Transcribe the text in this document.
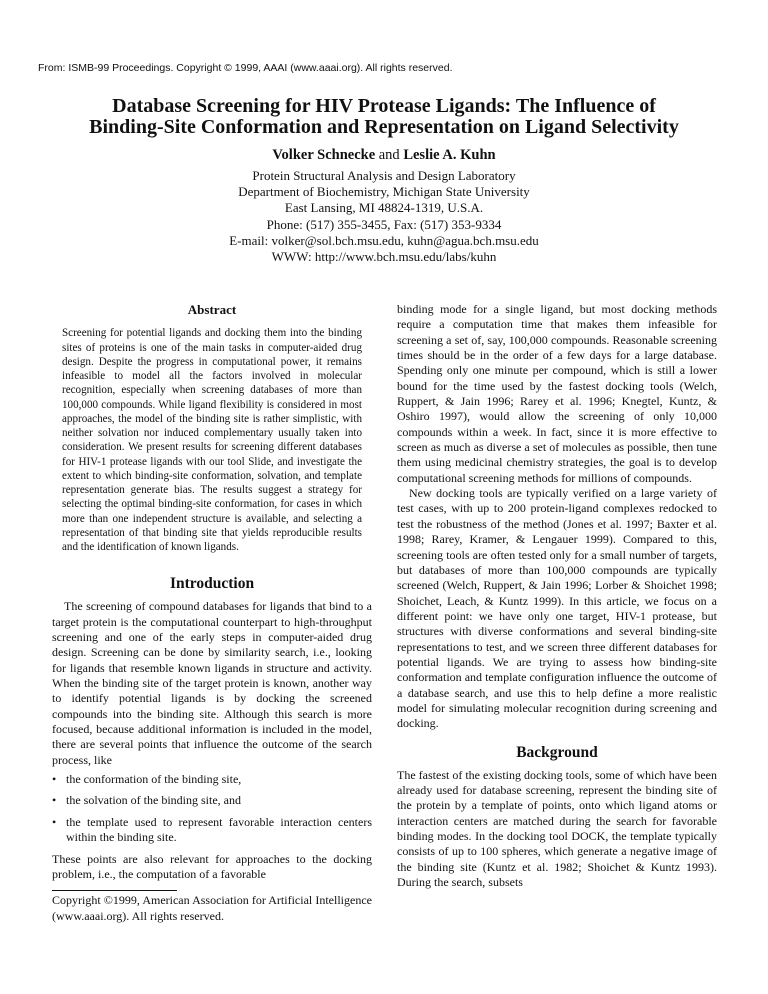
From: ISMB-99 Proceedings. Copyright © 1999, AAAI (www.aaai.org). All rights reserved.
Database Screening for HIV Protease Ligands: The Influence of
Binding-Site Conformation and Representation on Ligand Selectivity
Volker Schnecke and Leslie A. Kuhn
Protein Structural Analysis and Design Laboratory
Department of Biochemistry, Michigan State University
East Lansing, MI 48824-1319, U.S.A.
Phone: (517) 355-3455, Fax: (517) 353-9334
E-mail: volker@sol.bch.msu.edu, kuhn@agua.bch.msu.edu
WWW: http://www.bch.msu.edu/labs/kuhn
Abstract

Screening for potential ligands and docking them into the binding sites of proteins is one of the main tasks in computer-aided drug design. Despite the progress in computational power, it remains infeasible to model all the factors involved in molecular recognition, especially when screening databases of more than 100,000 compounds. While ligand flexibility is considered in most approaches, the model of the binding site is rather simplistic, with neither solvation nor induced complementary usually taken into consideration. We present results for screening different databases for HIV-1 protease ligands with our tool Slide, and investigate the extent to which binding-site conformation, solvation, and template representation generate bias. The results suggest a strategy for selecting the optimal binding-site conformation, for cases in which more than one independent structure is available, and selecting a representation of that binding site that yields reproducible results and the identification of known ligands.

Introduction

The screening of compound databases for ligands that bind to a target protein is the computational counterpart to high-throughput screening and one of the early steps in computer-aided drug design. Screening can be done by similarity search, i.e., looking for ligands that resemble known ligands in structure and activity. When the binding site of the target protein is known, another way to identify potential ligands is by docking the screened compounds into the binding site. Although this search is more focused, because additional information is included in the model, there are several points that influence the outcome of the search process, like

• the conformation of the binding site,
• the solvation of the binding site, and
• the template used to represent favorable interaction centers within the binding site.

These points are also relevant for approaches to the docking problem, i.e., the computation of a favorable

Copyright ©1999, American Association for Artificial Intelligence (www.aaai.org). All rights reserved.

binding mode for a single ligand, but most docking methods require a computation time that makes them infeasible for screening a set of, say, 100,000 compounds. Reasonable screening times should be in the order of a few days for a large database. Spending only one minute per compound, which is still a lower bound for the time used by the fastest docking tools (Welch, Ruppert, & Jain 1996; Rarey et al. 1996; Knegtel, Kuntz, & Oshiro 1997), would allow the screening of only 10,000 compounds within a week. In fact, since it is more effective to screen as much as diverse a set of molecules as possible, then tune them using medicinal chemistry strategies, the goal is to develop computational screening methods for millions of compounds.

New docking tools are typically verified on a large variety of test cases, with up to 200 protein-ligand complexes redocked to test the robustness of the method (Jones et al. 1997; Baxter et al. 1998; Rarey, Kramer, & Lengauer 1999). Compared to this, screening tools are often tested only for a small number of targets, but databases of more than 100,000 compounds are typically screened (Welch, Ruppert, & Jain 1996; Lorber & Shoichet 1998; Shoichet, Leach, & Kuntz 1999). In this article, we focus on a different point: we have only one target, HIV-1 protease, but structures with diverse conformations and several binding-site representations to test, and we screen three different databases for potential ligands. We are trying to assess how binding-site conformation and template configuration influence the outcome of a database search, and use this to help define a more realistic model for simulating molecular recognition during screening and docking.

Background

The fastest of the existing docking tools, some of which have been already used for database screening, represent the binding site of the protein by a template of points, onto which ligand atoms or interaction centers are matched during the search for favorable binding modes. In the docking tool DOCK, the template typically consists of up to 100 spheres, which generate a negative image of the binding site (Kuntz et al. 1982; Shoichet & Kuntz 1993). During the search, subsets
